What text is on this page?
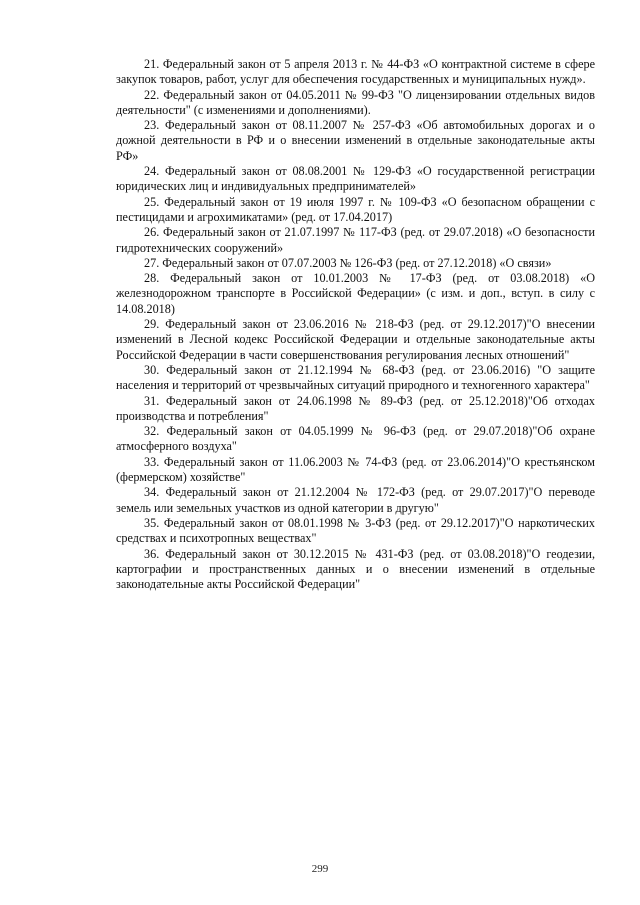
21. Федеральный закон от 5 апреля 2013 г. № 44-ФЗ «О контрактной системе в сфере закупок товаров, работ, услуг для обеспечения государственных и муниципальных нужд».

22. Федеральный закон от 04.05.2011 № 99-ФЗ "О лицензировании отдельных видов деятельности" (с изменениями и дополнениями).

23. Федеральный закон от 08.11.2007 № 257-ФЗ «Об автомобильных дорогах и о дожной деятельности в РФ и о внесении изменений в отдельные законодательные акты РФ»

24. Федеральный закон от 08.08.2001 № 129-ФЗ «О государственной регистрации юридических лиц и индивидуальных предпринимателей»

25. Федеральный закон от 19 июля 1997 г. № 109-ФЗ «О безопасном обращении с пестицидами и агрохимикатами» (ред. от 17.04.2017)

26. Федеральный закон от 21.07.1997 № 117-ФЗ (ред. от 29.07.2018) «О безопасности гидротехнических сооружений»

27. Федеральный закон от 07.07.2003 № 126-ФЗ (ред. от 27.12.2018) «О связи»

28. Федеральный закон от 10.01.2003 № 17-ФЗ (ред. от 03.08.2018) «О железнодорожном транспорте в Российской Федерации» (с изм. и доп., вступ. в силу с 14.08.2018)

29. Федеральный закон от 23.06.2016 № 218-ФЗ (ред. от 29.12.2017)"О внесении изменений в Лесной кодекс Российской Федерации и отдельные законодательные акты Российской Федерации в части совершенствования регулирования лесных отношений"

30. Федеральный закон от 21.12.1994 № 68-ФЗ (ред. от 23.06.2016) "О защите населения и территорий от чрезвычайных ситуаций природного и техногенного характера"

31. Федеральный закон от 24.06.1998 № 89-ФЗ (ред. от 25.12.2018)"Об отходах производства и потребления"

32. Федеральный закон от 04.05.1999 № 96-ФЗ (ред. от 29.07.2018)"Об охране атмосферного воздуха"

33. Федеральный закон от 11.06.2003 № 74-ФЗ (ред. от 23.06.2014)"О крестьянском (фермерском) хозяйстве"

34. Федеральный закон от 21.12.2004 № 172-ФЗ (ред. от 29.07.2017)"О переводе земель или земельных участков из одной категории в другую"

35. Федеральный закон от 08.01.1998 № 3-ФЗ (ред. от 29.12.2017)"О наркотических средствах и психотропных веществах"

36. Федеральный закон от 30.12.2015 № 431-ФЗ (ред. от 03.08.2018)"О геодезии, картографии и пространственных данных и о внесении изменений в отдельные законодательные акты Российской Федерации"

299
